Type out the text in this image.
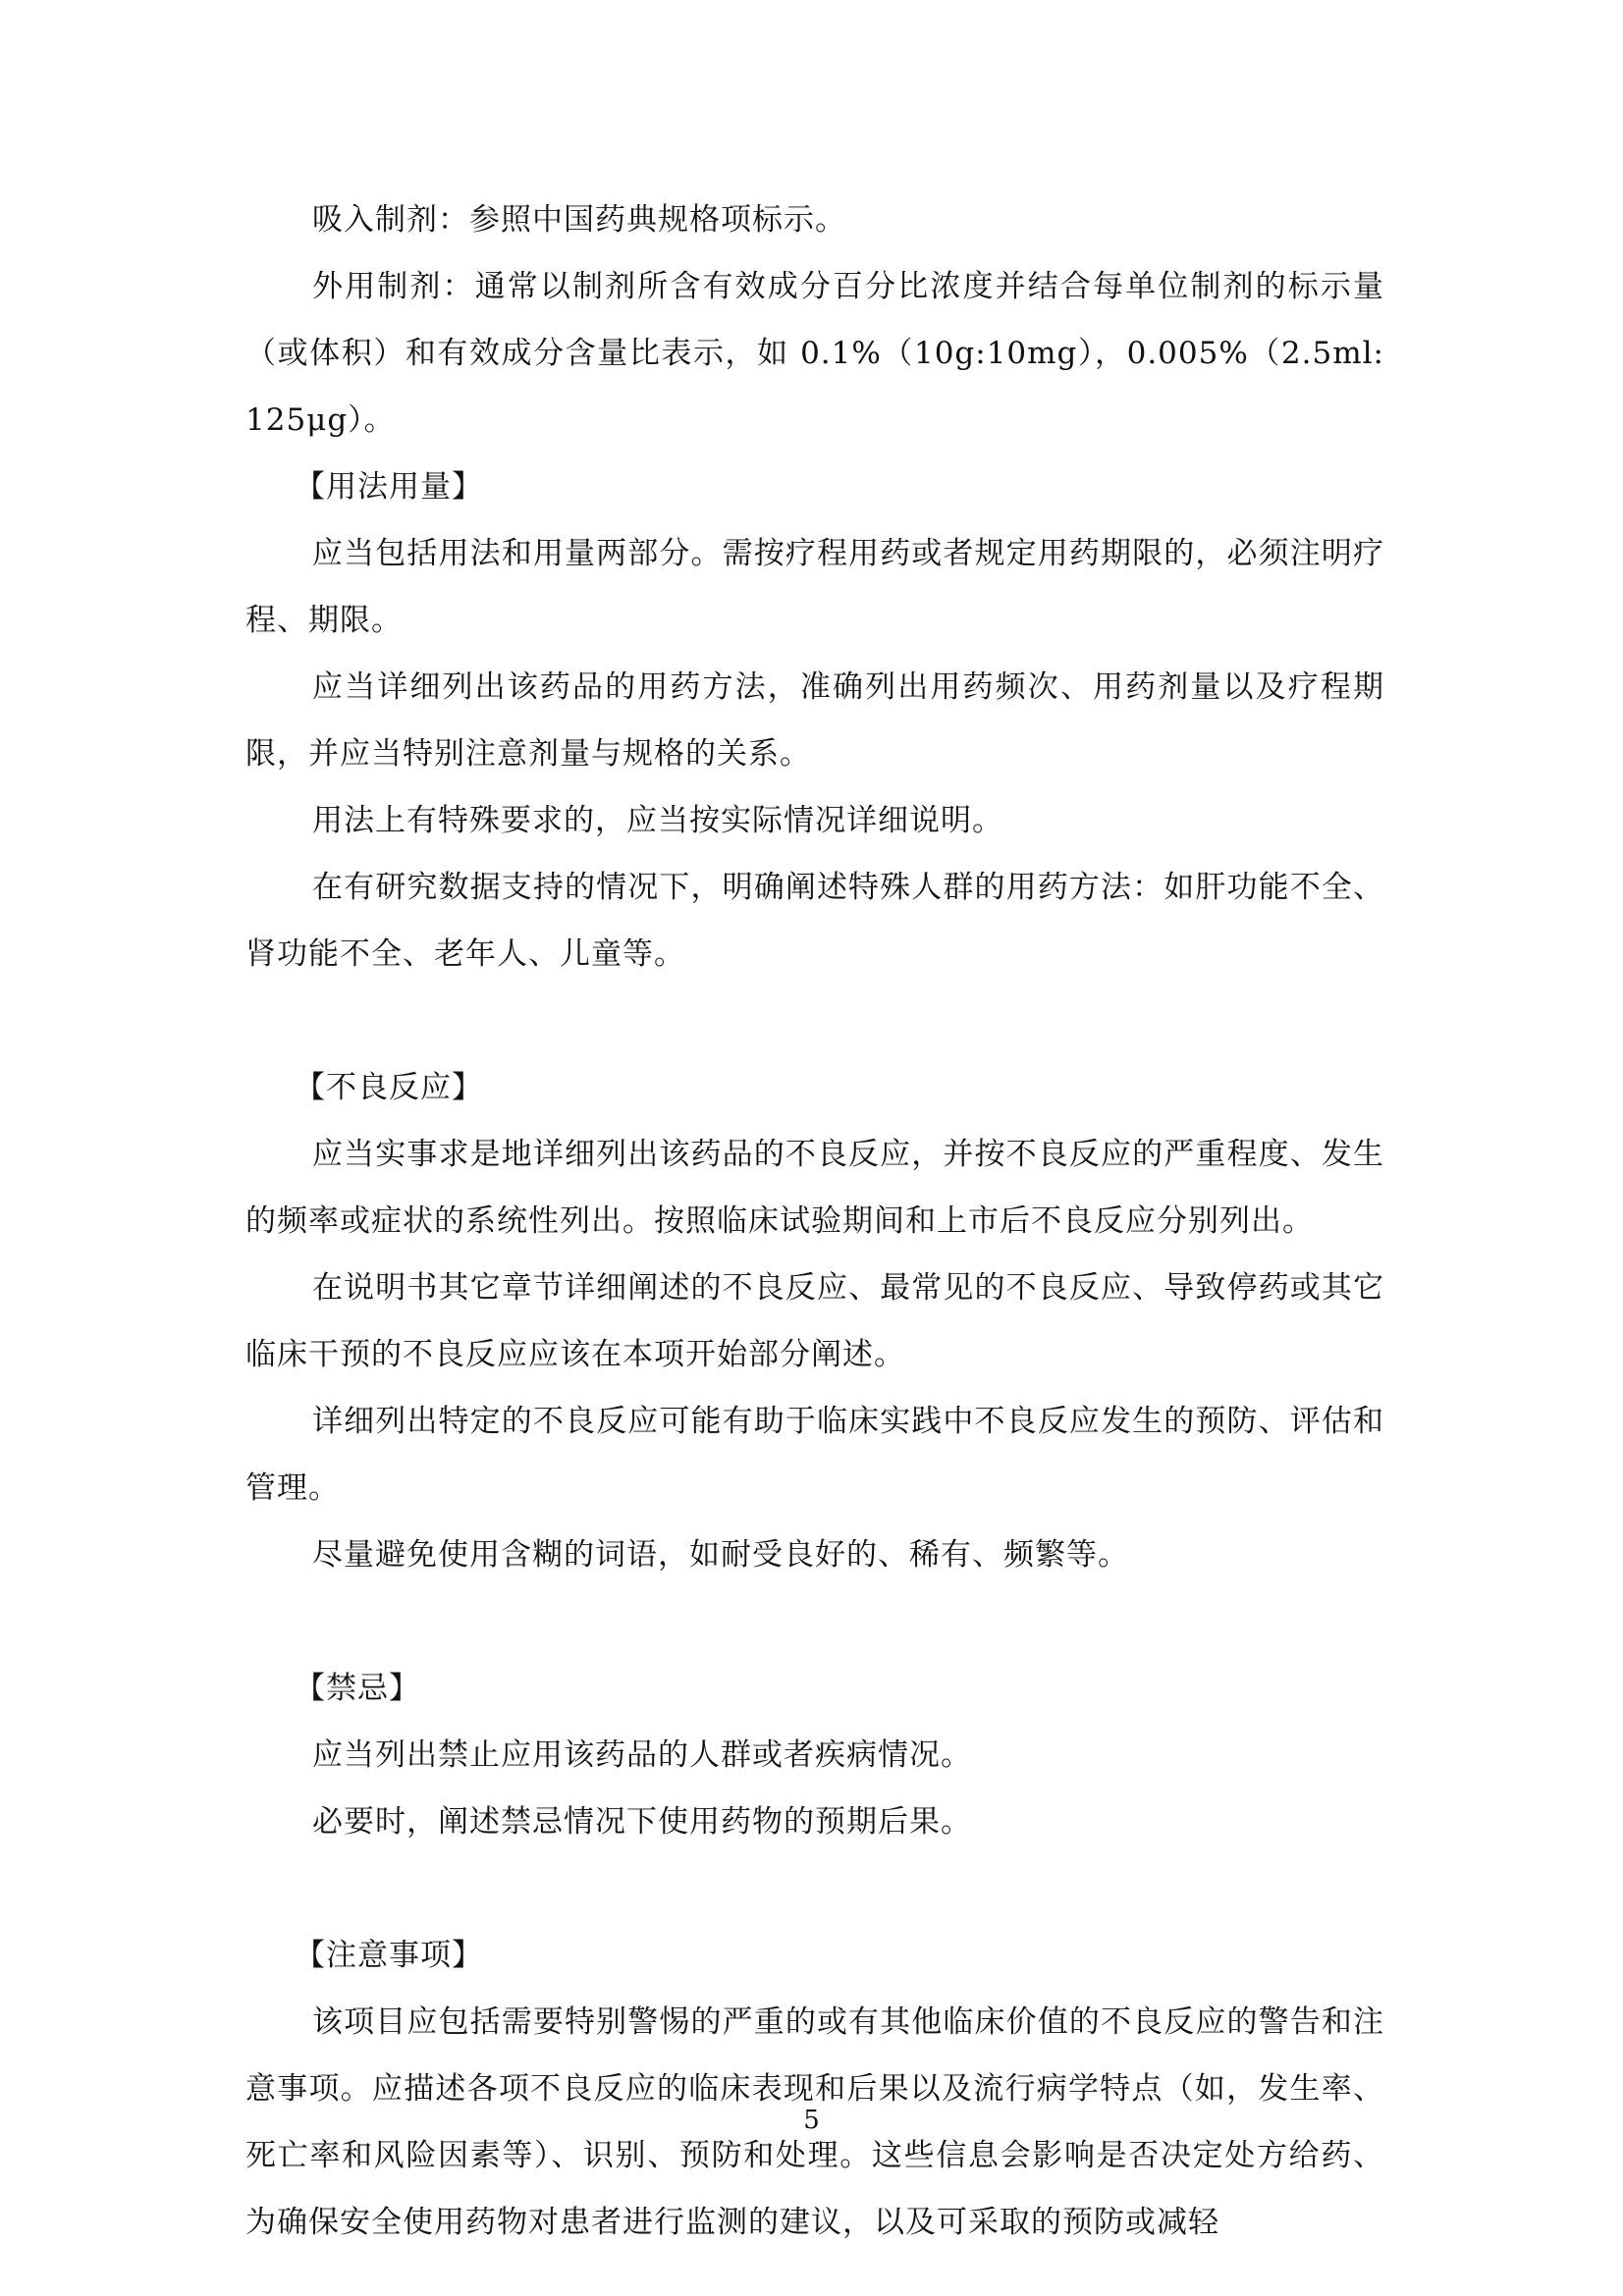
吸入制剂：参照中国药典规格项标示。

外用制剂：通常以制剂所含有效成分百分比浓度并结合每单位制剂的标示量（或体积）和有效成分含量比表示，如 0.1%（10g:10mg），0.005%（2.5ml: 125μg）。

【用法用量】

应当包括用法和用量两部分。需按疗程用药或者规定用药期限的，必须注明疗程、期限。

应当详细列出该药品的用药方法，准确列出用药频次、用药剂量以及疗程期限，并应当特别注意剂量与规格的关系。

用法上有特殊要求的，应当按实际情况详细说明。

在有研究数据支持的情况下，明确阐述特殊人群的用药方法：如肝功能不全、肾功能不全、老年人、儿童等。

【不良反应】

应当实事求是地详细列出该药品的不良反应，并按不良反应的严重程度、发生的频率或症状的系统性列出。按照临床试验期间和上市后不良反应分别列出。

在说明书其它章节详细阐述的不良反应、最常见的不良反应、导致停药或其它临床干预的不良反应应该在本项开始部分阐述。

详细列出特定的不良反应可能有助于临床实践中不良反应发生的预防、评估和管理。

尽量避免使用含糊的词语，如耐受良好的、稀有、频繁等。

【禁忌】

应当列出禁止应用该药品的人群或者疾病情况。

必要时，阐述禁忌情况下使用药物的预期后果。

【注意事项】

该项目应包括需要特别警惕的严重的或有其他临床价值的不良反应的警告和注意事项。应描述各项不良反应的临床表现和后果以及流行病学特点（如，发生率、死亡率和风险因素等）、识别、预防和处理。这些信息会影响是否决定处方给药、为确保安全使用药物对患者进行监测的建议，以及可采取的预防或减轻

5
